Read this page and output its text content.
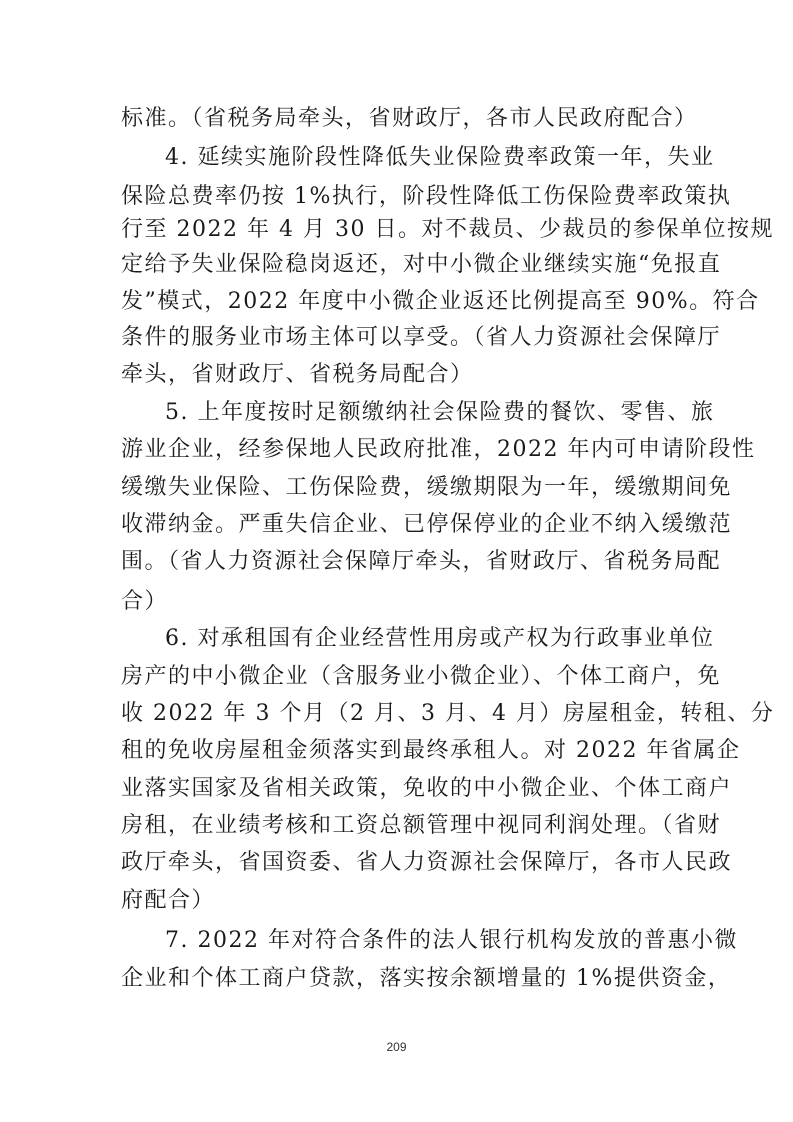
标准。（省税务局牵头，省财政厅，各市人民政府配合）
4. 延续实施阶段性降低失业保险费率政策一年，失业
保险总费率仍按 1%执行，阶段性降低工伤保险费率政策执
行至 2022 年 4 月 30 日。对不裁员、少裁员的参保单位按规
定给予失业保险稳岗返还，对中小微企业继续实施“免报直
发”模式，2022 年度中小微企业返还比例提高至 90%。符合
条件的服务业市场主体可以享受。（省人力资源社会保障厅
牵头，省财政厅、省税务局配合）
5. 上年度按时足额缴纳社会保险费的餐饮、零售、旅
游业企业，经参保地人民政府批准，2022 年内可申请阶段性
缓缴失业保险、工伤保险费，缓缴期限为一年，缓缴期间免
收滞纳金。严重失信企业、已停保停业的企业不纳入缓缴范
围。（省人力资源社会保障厅牵头，省财政厅、省税务局配
合）
6. 对承租国有企业经营性用房或产权为行政事业单位
房产的中小微企业（含服务业小微企业）、个体工商户，免
收 2022 年 3 个月（2 月、3 月、4 月）房屋租金，转租、分
租的免收房屋租金须落实到最终承租人。对 2022 年省属企
业落实国家及省相关政策，免收的中小微企业、个体工商户
房租，在业绩考核和工资总额管理中视同利润处理。（省财
政厅牵头，省国资委、省人力资源社会保障厅，各市人民政
府配合）
7. 2022 年对符合条件的法人银行机构发放的普惠小微
企业和个体工商户贷款，落实按余额增量的 1%提供资金，
209
